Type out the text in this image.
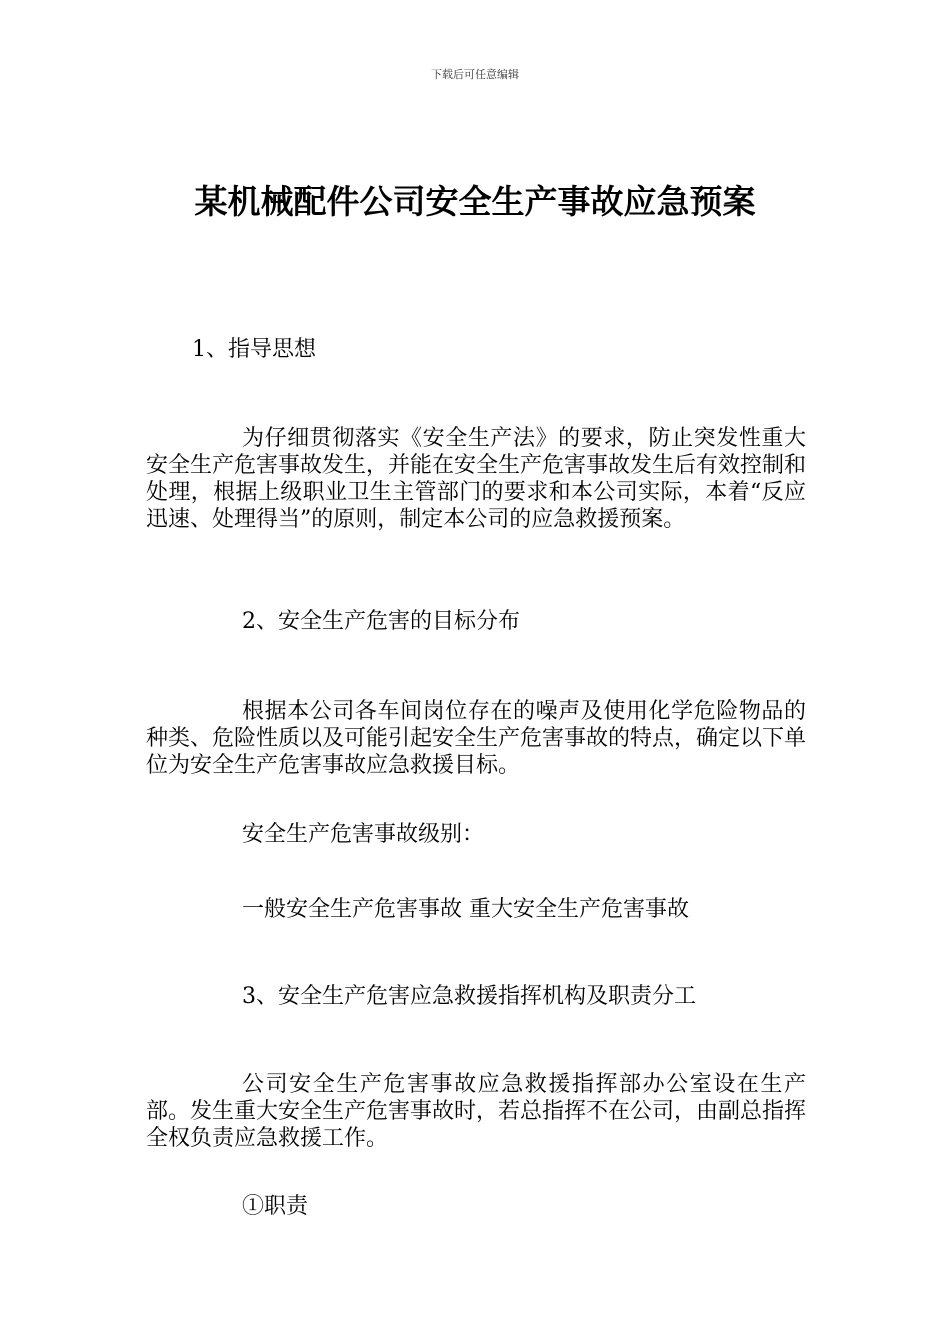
下载后可任意编辑
某机械配件公司安全生产事故应急预案

1、指导思想

为仔细贯彻落实《安全生产法》的要求，防止突发性重大安全生产危害事故发生，并能在安全生产危害事故发生后有效控制和处理，根据上级职业卫生主管部门的要求和本公司实际，本着“反应迅速、处理得当”的原则，制定本公司的应急救援预案。

2、安全生产危害的目标分布

根据本公司各车间岗位存在的噪声及使用化学危险物品的种类、危险性质以及可能引起安全生产危害事故的特点，确定以下单位为安全生产危害事故应急救援目标。

安全生产危害事故级别：

一般安全生产危害事故 重大安全生产危害事故

3、安全生产危害应急救援指挥机构及职责分工

公司安全生产危害事故应急救援指挥部办公室设在生产部。发生重大安全生产危害事故时，若总指挥不在公司，由副总指挥全权负责应急救援工作。

①职责
